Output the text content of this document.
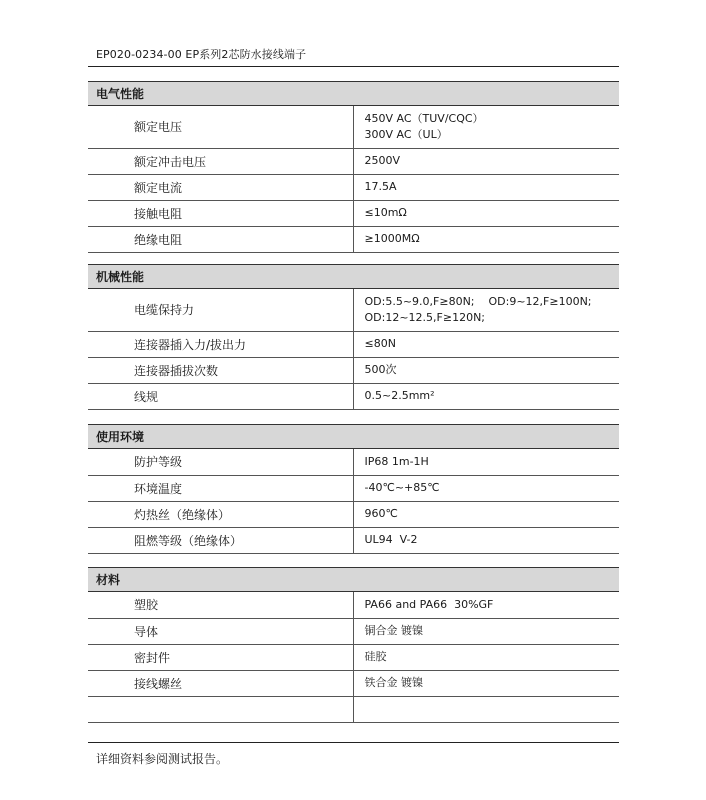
EP020-0234-00 EP系列2芯防水接线端子
电气性能
额定电压	450V AC（TUV/CQC）
300V AC（UL）

额定冲击电压	2500V

额定电流	17.5A

接触电阻	≤10mΩ

绝缘电阻	≥1000MΩ
机械性能
电缆保持力	OD:5.5~9.0,F≥80N;    OD:9~12,F≥100N;
OD:12~12.5,F≥120N;

连接器插入力/拔出力	≤80N

连接器插拔次数	500次

线规	0.5~2.5mm²
使用环境
防护等级	IP68 1m-1H

环境温度	-40℃~+85℃

灼热丝（绝缘体）	960℃

阻燃等级（绝缘体）	UL94  V-2
材料
塑胶	PA66 and PA66  30%GF

导体	铜合金 镀镍

密封件	硅胶

接线螺丝	铁合金 镀镍

详细资料参阅测试报告。
